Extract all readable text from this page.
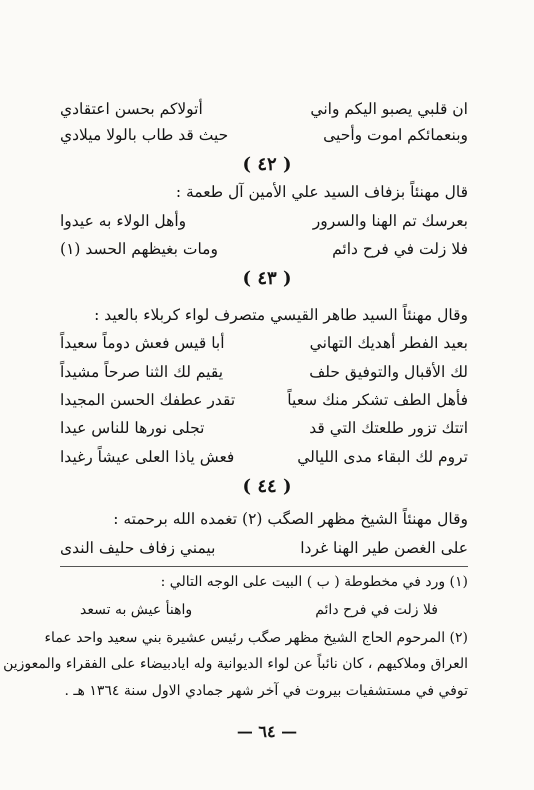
ان قلبي يصبو اليكم واني
أتولاكم بحسن اعتقادي
وبنعمائكم اموت وأحيى
حيث قد طاب بالولا ميلادي
( ٤٢ )
قال مهنئاً بزفاف السيد علي الأمين آل طعمة :
بعرسك تم الهنا والسرور
وأهل الولاء به عيدوا
فلا زلت في فرح دائم
ومات بغيظهم الحسد (١)
( ٤٣ )
وقال مهنئاً السيد طاهر القيسي متصرف لواء كربلاء بالعيد :
بعيد الفطر أهديك التهاني
أبا قيس فعش دوماً سعيداً
لك الأقبال والتوفيق حلف
يقيم لك الثنا صرحاً مشيداً
فأهل الطف تشكر منك سعياً
تقدر عطفك الحسن المجيدا
اتتك تزور طلعتك التي قد
تجلى نورها للناس عيدا
تروم لك البقاء مدى الليالي
فعش ياذا العلى عيشاً رغيدا
( ٤٤ )
وقال مهنئاً الشيخ مظهر الصگب (٢) تغمده الله برحمته :
على الغصن طير الهنا غردا
بيمني زفاف حليف الندى
(١) ورد في مخطوطة ( ب ) البيت على الوجه التالي :
فلا زلت في فرح دائم
واهنأ عيش به تسعد
(٢) المرحوم الحاج الشيخ مظهر صگب رئيس عشيرة بني سعيد واحد عماء
العراق وملاكيهم ، كان نائباً عن لواء الديوانية وله ايادبيضاء على الفقراء والمعوزين
توفي في مستشفيات بيروت في آخر شهر جمادي الاول سنة ١٣٦٤ هـ .
— ٦٤ —
